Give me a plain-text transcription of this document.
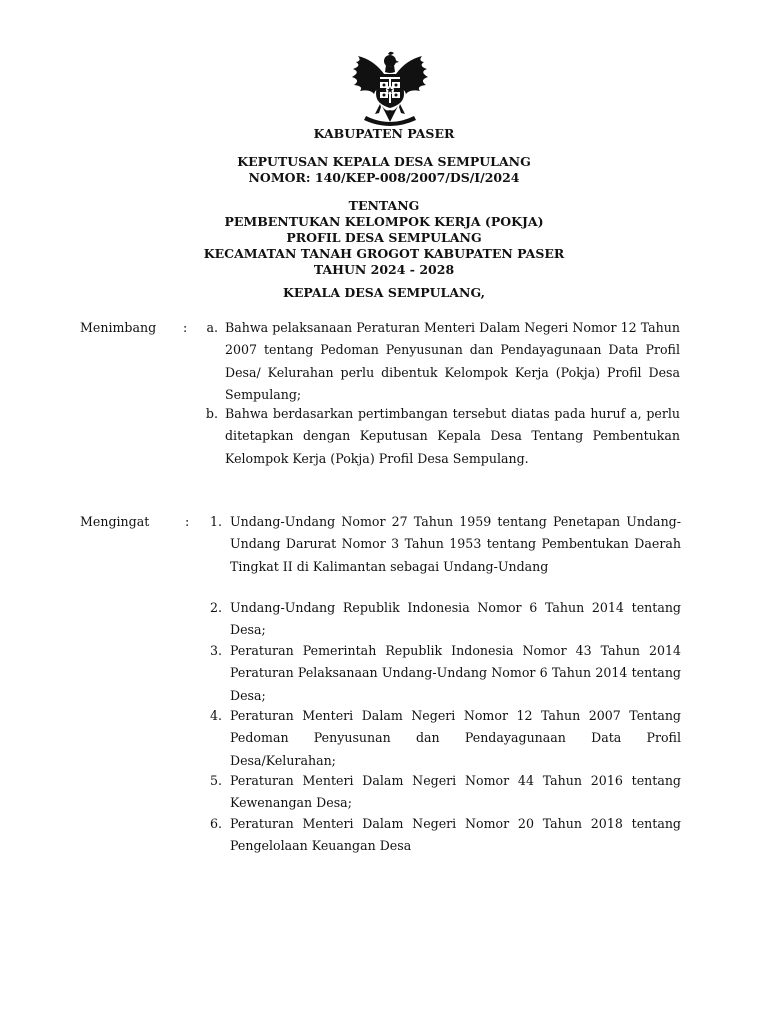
KABUPATEN PASER
KEPUTUSAN KEPALA DESA SEMPULANG
NOMOR: 140/KEP-008/2007/DS/I/2024
TENTANG
PEMBENTUKAN KELOMPOK KERJA (POKJA)
PROFIL DESA SEMPULANG
KECAMATAN TANAH GROGOT KABUPATEN PASER
TAHUN 2024 - 2028
KEPALA DESA SEMPULANG,
Menimbang :	a. Bahwa pelaksanaan Peraturan Menteri Dalam Negeri Nomor 12 Tahun 2007 tentang Pedoman Penyusunan dan Pendayagunaan Data Profil Desa/ Kelurahan perlu dibentuk Kelompok Kerja (Pokja) Profil Desa Sempulang;
b. Bahwa berdasarkan pertimbangan tersebut diatas pada huruf a, perlu ditetapkan dengan Keputusan Kepala Desa Tentang Pembentukan Kelompok Kerja (Pokja) Profil Desa Sempulang.
Mengingat	:	1. Undang-Undang Nomor 27 Tahun 1959 tentang Penetapan Undang-Undang Darurat Nomor 3 Tahun 1953 tentang Pembentukan Daerah Tingkat II di Kalimantan sebagai Undang-Undang
2. Undang-Undang Republik Indonesia Nomor 6 Tahun 2014 tentang Desa;
3. Peraturan Pemerintah Republik Indonesia Nomor 43 Tahun 2014 Peraturan Pelaksanaan Undang-Undang Nomor 6 Tahun 2014 tentang Desa;
4. Peraturan Menteri Dalam Negeri Nomor 12 Tahun 2007 Tentang Pedoman Penyusunan dan Pendayagunaan Data Profil Desa/Kelurahan;
5. Peraturan Menteri Dalam Negeri Nomor 44 Tahun 2016 tentang Kewenangan Desa;
6. Peraturan Menteri Dalam Negeri Nomor 20 Tahun 2018 tentang Pengelolaan Keuangan Desa
